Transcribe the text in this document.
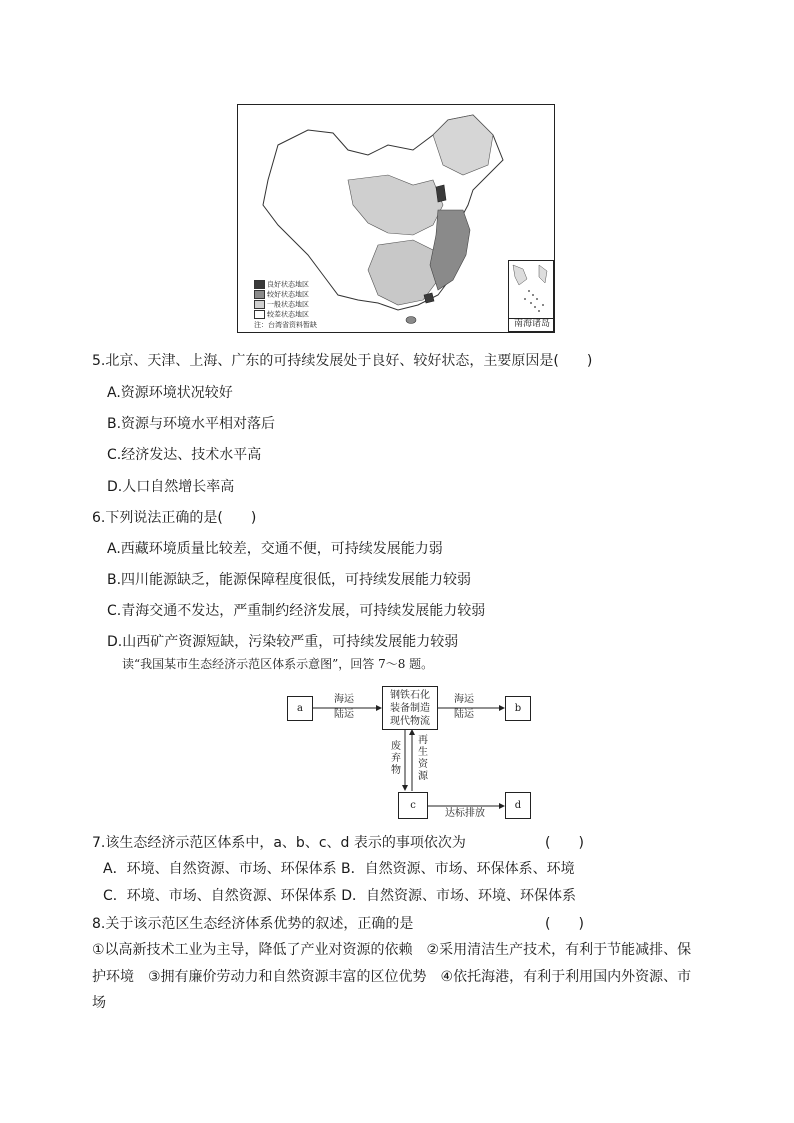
良好状态地区
较好状态地区
一般状态地区
较差状态地区
注：台湾省资料暂缺	南海诸岛
5.北京、天津、上海、广东的可持续发展处于良好、较好状态，主要原因是(　　)
A.资源环境状况较好
B.资源与环境水平相对落后
C.经济发达、技术水平高
D.人口自然增长率高
6.下列说法正确的是(　　)
A.西藏环境质量比较差，交通不便，可持续发展能力弱
B.四川能源缺乏，能源保障程度很低，可持续发展能力较弱
C.青海交通不发达，严重制约经济发展，可持续发展能力较弱
D.山西矿产资源短缺，污染较严重，可持续发展能力较弱
读“我国某市生态经济示范区体系示意图”，回答 7～8 题。
a
钢铁石化
装备制造
现代物流
b
c	d
海运
陆运
海运
陆运
废弃物
再生资源
达标排放
7.该生态经济示范区体系中，a、b、c、d 表示的事项依次为	(　　)
A．环境、自然资源、市场、环保体系 B．自然资源、市场、环保体系、环境
C．环境、市场、自然资源、环保体系 D．自然资源、市场、环境、环保体系
8.关于该示范区生态经济体系优势的叙述，正确的是	(　　)
①以高新技术工业为主导，降低了产业对资源的依赖　②采用清洁生产技术，有利于节能减排、保
护环境　③拥有廉价劳动力和自然资源丰富的区位优势　④依托海港，有利于利用国内外资源、市
场
